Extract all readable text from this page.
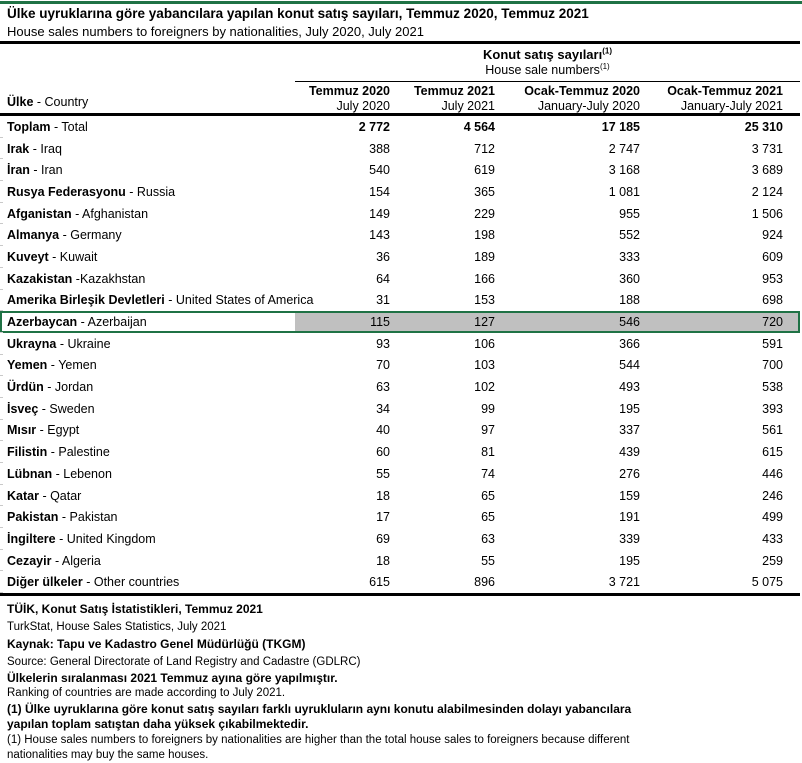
Ülke uyruklarına göre yabancılara yapılan konut satış sayıları, Temmuz 2020, Temmuz 2021
House sales numbers to foreigners by nationalities, July 2020, July 2021
Ülke - Country
Konut satış sayıları$^{(1)}$
House sale numbers$^{(1)}$
Temmuz 2020
July 2020
Temmuz 2021
July 2021
Ocak-Temmuz 2020
January-July 2020
Ocak-Temmuz 2021
January-July 2021
Toplam - Total	2 772	4 564	17 185	25 310
Irak - Iraq	388	712	2 747	3 731
İran - Iran	540	619	3 168	3 689
Rusya Federasyonu - Russia	154	365	1 081	2 124
Afganistan - Afghanistan	149	229	955	1 506
Almanya - Germany	143	198	552	924
Kuveyt - Kuwait	36	189	333	609
Kazakistan -Kazakhstan	64	166	360	953
Amerika Birleşik Devletleri - United States of America	31	153	188	698
Azerbaycan - Azerbaijan	115	127	546	720
Ukrayna - Ukraine	93	106	366	591
Yemen - Yemen	70	103	544	700
Ürdün - Jordan	63	102	493	538
İsveç - Sweden	34	99	195	393
Mısır - Egypt	40	97	337	561
Filistin - Palestine	60	81	439	615
Lübnan - Lebenon	55	74	276	446
Katar - Qatar	18	65	159	246
Pakistan - Pakistan	17	65	191	499
İngiltere - United Kingdom	69	63	339	433
Cezayir - Algeria	18	55	195	259
Diğer ülkeler - Other countries	615	896	3 721	5 075
TÜİK, Konut Satış İstatistikleri, Temmuz 2021
TurkStat, House Sales Statistics, July 2021
Kaynak: Tapu ve Kadastro Genel Müdürlüğü (TKGM)
Source: General Directorate of Land Registry and Cadastre (GDLRC)
Ülkelerin sıralanması 2021 Temmuz ayına göre yapılmıştır.
Ranking of countries are made according to July 2021.
(1) Ülke uyruklarına göre konut satış sayıları farklı uyrukluların aynı konutu alabilmesinden dolayı yabancılara
yapılan toplam satıştan daha yüksek çıkabilmektedir.
(1) House sales numbers to foreigners by nationalities are higher than the total house sales to foreigners because different
nationalities may buy the same houses.
